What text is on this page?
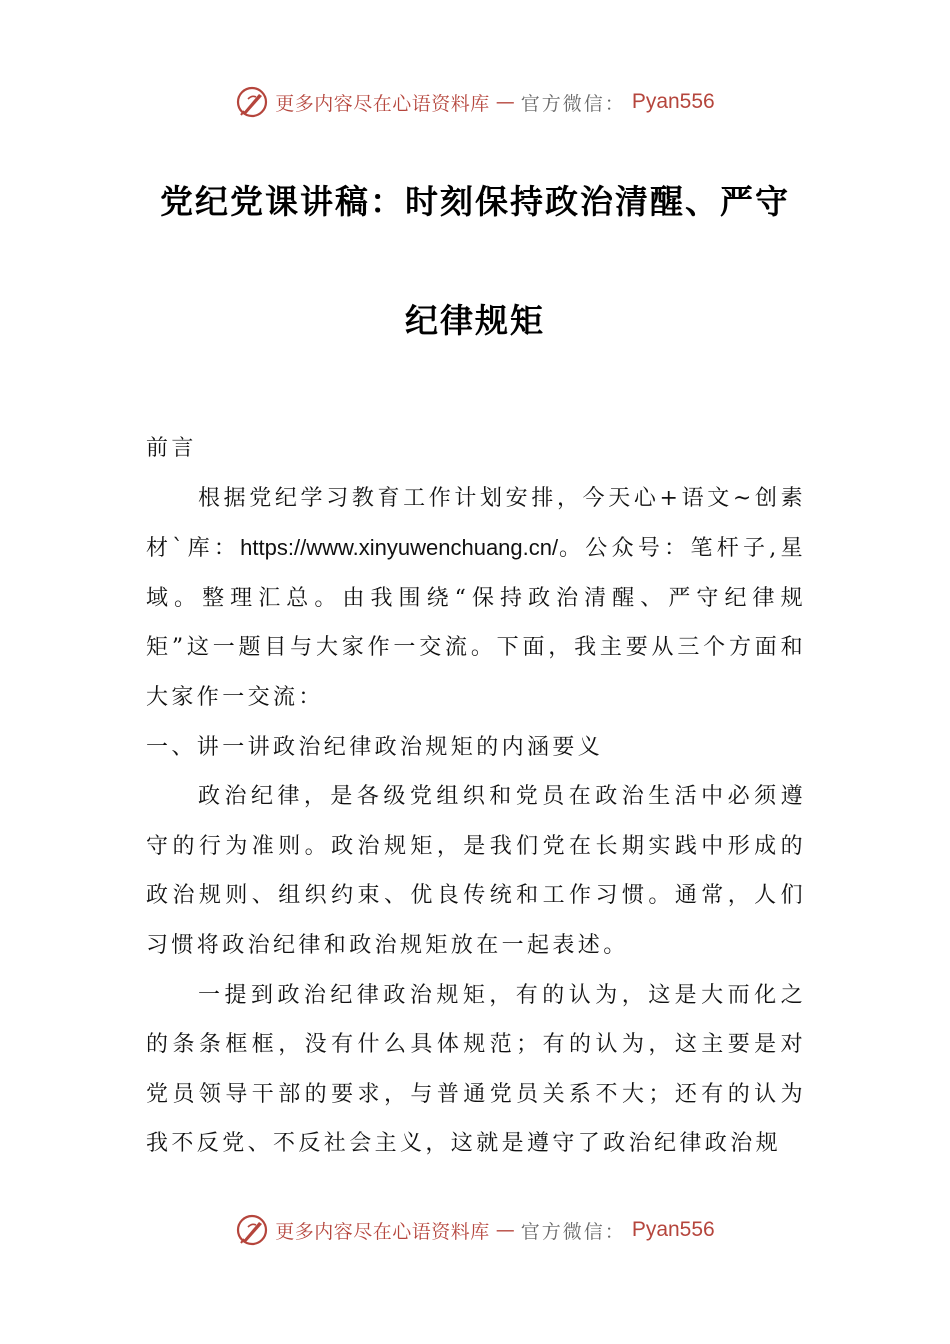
更多内容尽在心语资料库 — 官方微信： Pyan556
党纪党课讲稿：时刻保持政治清醒、严守
纪律规矩

前言

根据党纪学习教育工作计划安排，今天心+语文~创素材`库：https://www.xinyuwenchuang.cn/。公众号：笔杆子,星域。整理汇总。由我围绕“保持政治清醒、严守纪律规矩”这一题目与大家作一交流。下面，我主要从三个方面和大家作一交流：

一、讲一讲政治纪律政治规矩的内涵要义

政治纪律，是各级党组织和党员在政治生活中必须遵守的行为准则。政治规矩，是我们党在长期实践中形成的政治规则、组织约束、优良传统和工作习惯。通常，人们习惯将政治纪律和政治规矩放在一起表述。

一提到政治纪律政治规矩，有的认为，这是大而化之的条条框框，没有什么具体规范；有的认为，这主要是对党员领导干部的要求，与普通党员关系不大；还有的认为我不反党、不反社会主义，这就是遵守了政治纪律政治规

更多内容尽在心语资料库 — 官方微信： Pyan556
